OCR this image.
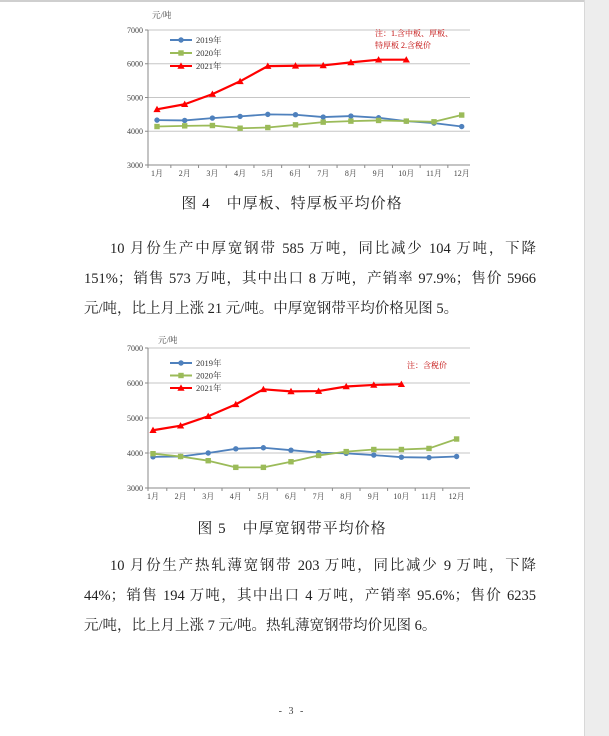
3000
4000
5000
6000
7000
1月 2月 3月 4月 5月 6月 7月 8月 9月 10月 11月 12月
元/吨
2019年
2020年
2021年
注：1.含中板、厚板、
特厚板 2.含税价
图 4　中厚板、特厚板平均价格
10 月份生产中厚宽钢带 585 万吨，同比减少 104 万吨，下降
151%；销售 573 万吨，其中出口 8 万吨，产销率 97.9%；售价 5966
元/吨，比上月上涨 21 元/吨。中厚宽钢带平均价格见图 5。
3000
4000
5000
6000
7000
1月 2月 3月 4月 5月 6月 7月 8月 9月 10月 11月 12月
元/吨
2019年
2020年
2021年
注：含税价
图 5　中厚宽钢带平均价格
10 月份生产热轧薄宽钢带 203 万吨，同比减少 9 万吨，下降
44%；销售 194 万吨，其中出口 4 万吨，产销率 95.6%；售价 6235
元/吨，比上月上涨 7 元/吨。热轧薄宽钢带均价见图 6。
- 3 -
